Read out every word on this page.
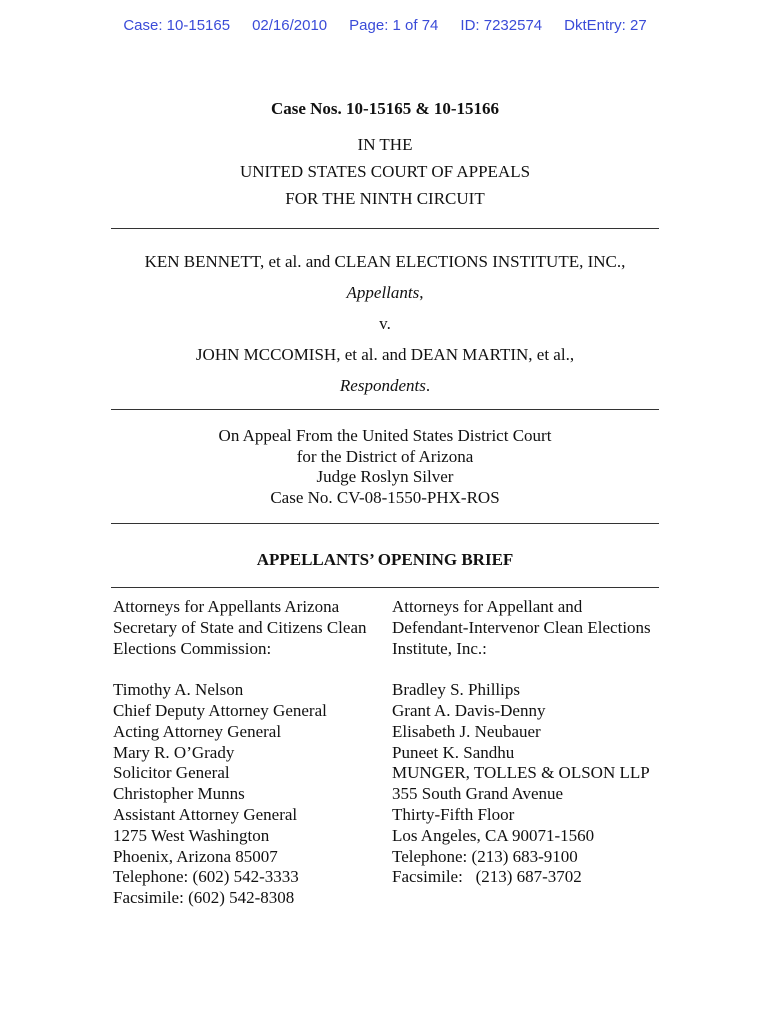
Case: 10-15165 02/16/2010 Page: 1 of 74 ID: 7232574 DktEntry: 27
Case Nos. 10-15165 & 10-15166
IN THE
UNITED STATES COURT OF APPEALS
FOR THE NINTH CIRCUIT
KEN BENNETT, et al. and CLEAN ELECTIONS INSTITUTE, INC.,
Appellants,
v.
JOHN MCCOMISH, et al. and DEAN MARTIN, et al.,
Respondents.
On Appeal From the United States District Court
for the District of Arizona
Judge Roslyn Silver
Case No. CV-08-1550-PHX-ROS
APPELLANTS’ OPENING BRIEF
Attorneys for Appellants Arizona
Secretary of State and Citizens Clean
Elections Commission:
Timothy A. Nelson
Chief Deputy Attorney General
Acting Attorney General
Mary R. O’Grady
Solicitor General
Christopher Munns
Assistant Attorney General
1275 West Washington
Phoenix, Arizona 85007
Telephone: (602) 542-3333
Facsimile: (602) 542-8308
Attorneys for Appellant and
Defendant-Intervenor Clean Elections
Institute, Inc.:
Bradley S. Phillips
Grant A. Davis-Denny
Elisabeth J. Neubauer
Puneet K. Sandhu
MUNGER, TOLLES & OLSON LLP
355 South Grand Avenue
Thirty-Fifth Floor
Los Angeles, CA 90071-1560
Telephone: (213) 683-9100
Facsimile:   (213) 687-3702
